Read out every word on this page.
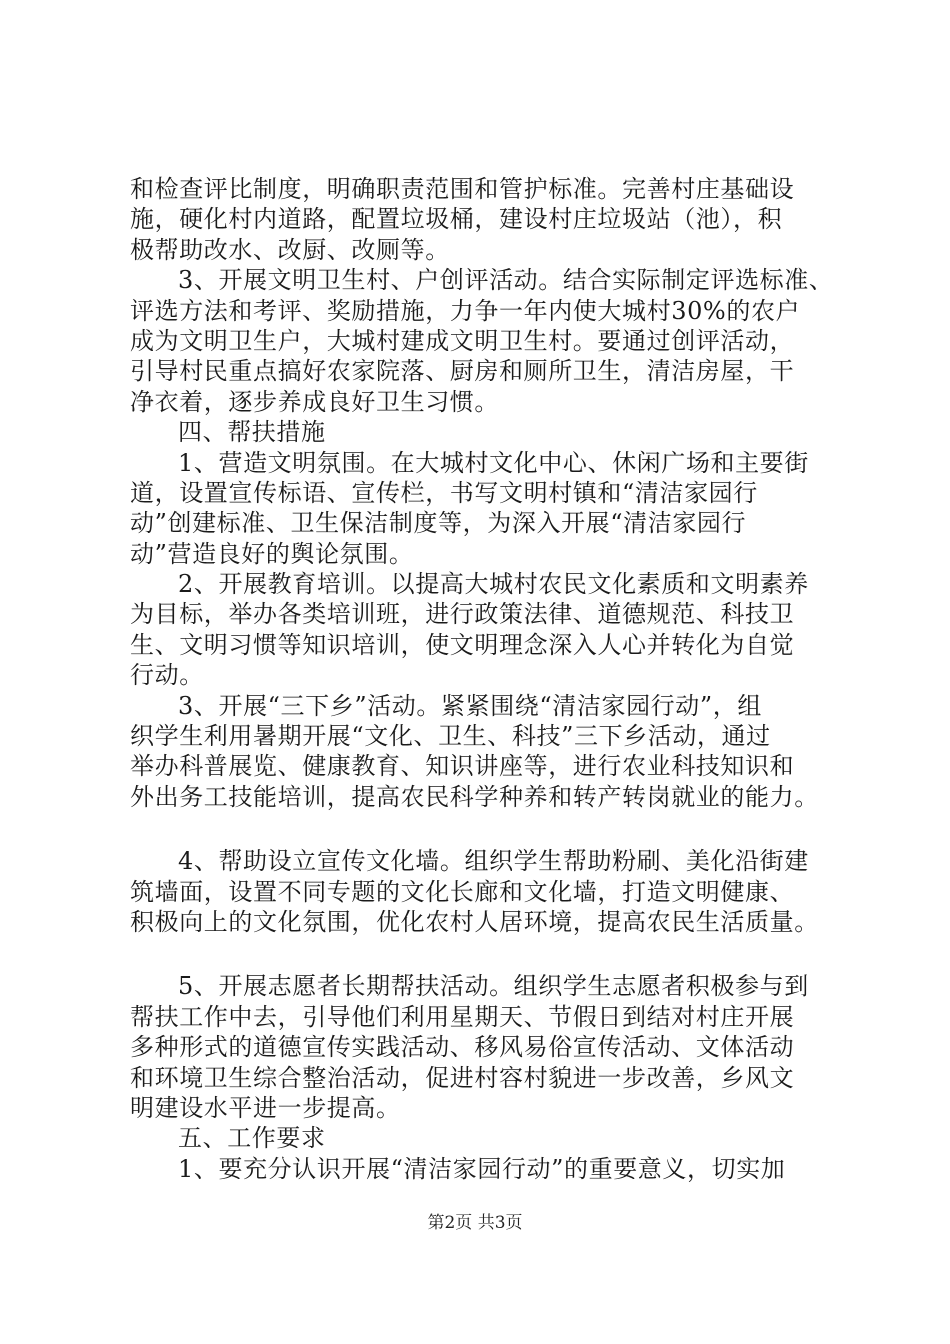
和检查评比制度，明确职责范围和管护标准。完善村庄基础设
施，硬化村内道路，配置垃圾桶，建设村庄垃圾站（池），积
极帮助改水、改厨、改厕等。
3、开展文明卫生村、户创评活动。结合实际制定评选标准、
评选方法和考评、奖励措施，力争一年内使大城村30%的农户
成为文明卫生户，大城村建成文明卫生村。要通过创评活动，
引导村民重点搞好农家院落、厨房和厕所卫生，清洁房屋，干
净衣着，逐步养成良好卫生习惯。
四、帮扶措施
1、营造文明氛围。在大城村文化中心、休闲广场和主要街
道，设置宣传标语、宣传栏，书写文明村镇和“清洁家园行
动”创建标准、卫生保洁制度等，为深入开展“清洁家园行
动”营造良好的舆论氛围。
2、开展教育培训。以提高大城村农民文化素质和文明素养
为目标，举办各类培训班，进行政策法律、道德规范、科技卫
生、文明习惯等知识培训，使文明理念深入人心并转化为自觉
行动。
3、开展“三下乡”活动。紧紧围绕“清洁家园行动”，组
织学生利用暑期开展“文化、卫生、科技”三下乡活动，通过
举办科普展览、健康教育、知识讲座等，进行农业科技知识和
外出务工技能培训，提高农民科学种养和转产转岗就业的能力。
4、帮助设立宣传文化墙。组织学生帮助粉刷、美化沿街建
筑墙面，设置不同专题的文化长廊和文化墙，打造文明健康、
积极向上的文化氛围，优化农村人居环境，提高农民生活质量。
5、开展志愿者长期帮扶活动。组织学生志愿者积极参与到
帮扶工作中去，引导他们利用星期天、节假日到结对村庄开展
多种形式的道德宣传实践活动、移风易俗宣传活动、文体活动
和环境卫生综合整治活动，促进村容村貌进一步改善，乡风文
明建设水平进一步提高。
五、工作要求
1、要充分认识开展“清洁家园行动”的重要意义，切实加
第2页 共3页
